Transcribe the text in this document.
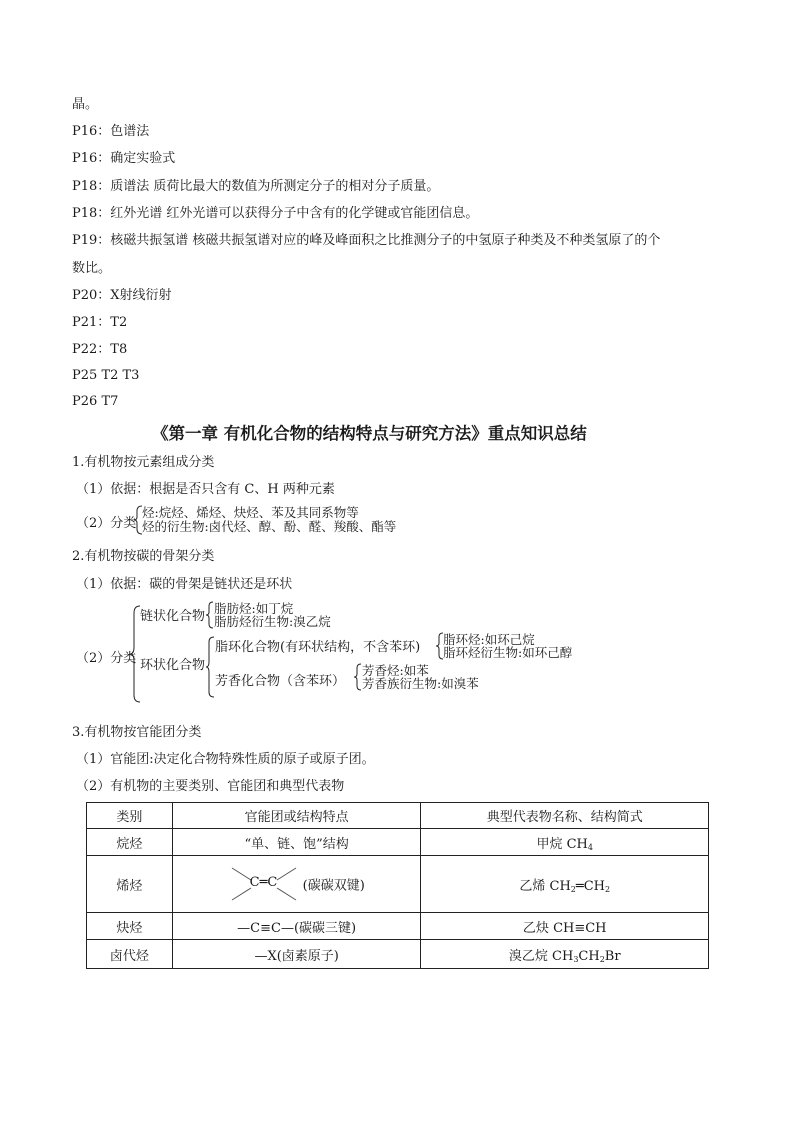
晶。
P16：色谱法
P16：确定实验式
P18：质谱法 质荷比最大的数值为所测定分子的相对分子质量。
P18：红外光谱 红外光谱可以获得分子中含有的化学键或官能团信息。
P19：核磁共振氢谱 核磁共振氢谱对应的峰及峰面积之比推测分子的中氢原子种类及不种类氢原了的个
数比。
P20：X射线衍射
P21：T2
P22：T8
P25 T2 T3
P26 T7
《第一章 有机化合物的结构特点与研究方法》重点知识总结
1.有机物按元素组成分类
（1）依据：根据是否只含有 C、H 两种元素
（2）分类
烃:烷烃、烯烃、炔烃、苯及其同系物等
烃的衍生物:卤代烃、醇、酚、醛、羧酸、酯等
2.有机物按碳的骨架分类
（1）依据：碳的骨架是链状还是环状
（2）分类
链状化合物
脂肪烃:如丁烷
脂肪烃衍生物:溴乙烷
环状化合物
脂环化合物(有环状结构，不含苯环)
脂环烃:如环己烷
脂环烃衍生物:如环己醇
芳香化合物（含苯环）
芳香烃:如苯
芳香族衍生物:如溴苯
3.有机物按官能团分类
（1）官能团:决定化合物特殊性质的原子或原子团。
（2）有机物的主要类别、官能团和典型代表物
类别	官能团或结构特点	典型代表物名称、结构简式
烷烃	“单、链、饱”结构	甲烷 $CH_4$
烯烃	C═C (碳碳双键)	乙烯 $CH_2═CH_2$
炔烃	—C≡C—(碳碳三键)	乙炔 CH≡CH
卤代烃	—X(卤素原子)	溴乙烷 $CH_3CH_2Br$
